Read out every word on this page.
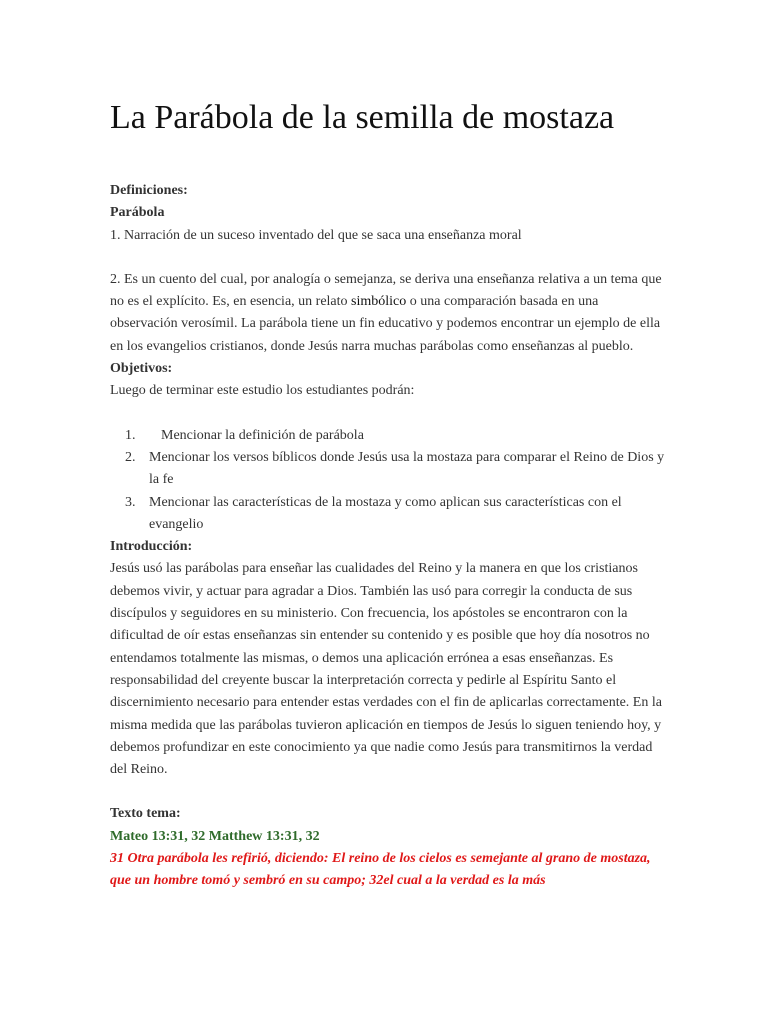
La Parábola de la semilla de mostaza

Definiciones:

Parábola

1. Narración de un suceso inventado del que se saca una enseñanza moral

2. Es un cuento del cual, por analogía o semejanza, se deriva una enseñanza relativa a un tema que no es el explícito. Es, en esencia, un relato simbólico o una comparación basada en una observación verosímil. La parábola tiene un fin educativo y podemos encontrar un ejemplo de ella en los evangelios cristianos, donde Jesús narra muchas parábolas como enseñanzas al pueblo.

Objetivos:

Luego de terminar este estudio los estudiantes podrán:

1. Mencionar la definición de parábola
2. Mencionar los versos bíblicos donde Jesús usa la mostaza para comparar el Reino de Dios y la fe
3. Mencionar las características de la mostaza y como aplican sus características con el evangelio

Introducción:

Jesús usó las parábolas para enseñar las cualidades del Reino y la manera en que los cristianos debemos vivir, y actuar para agradar a Dios. También las usó para corregir la conducta de sus discípulos y seguidores en su ministerio. Con frecuencia, los apóstoles se encontraron con la dificultad de oír estas enseñanzas sin entender su contenido y es posible que hoy día nosotros no entendamos totalmente las mismas, o demos una aplicación errónea a esas enseñanzas. Es responsabilidad del creyente buscar la interpretación correcta y pedirle al Espíritu Santo el discernimiento necesario para entender estas verdades con el fin de aplicarlas correctamente. En la misma medida que las parábolas tuvieron aplicación en tiempos de Jesús lo siguen teniendo hoy, y debemos profundizar en este conocimiento ya que nadie como Jesús para transmitirnos la verdad del Reino.

Texto tema:

Mateo 13:31, 32 Matthew 13:31, 32

31 Otra parábola les refirió, diciendo: El reino de los cielos es semejante al grano de mostaza, que un hombre tomó y sembró en su campo; 32el cual a la verdad es la más
